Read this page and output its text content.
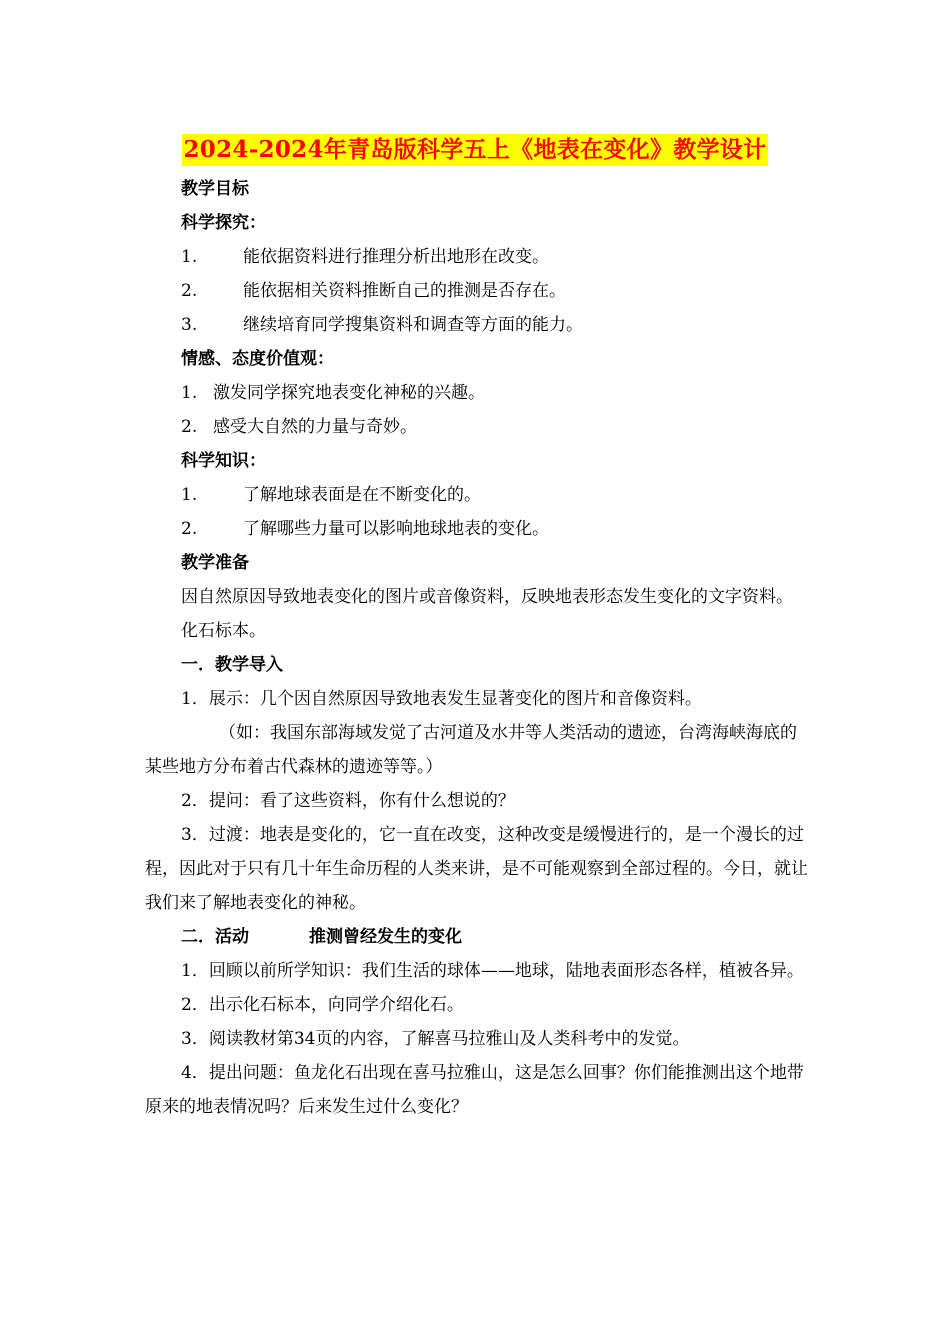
2024-2024年青岛版科学五上《地表在变化》教学设计

教学目标

科学探究：

1.	能依据资料进行推理分析出地形在改变。

2.	能依据相关资料推断自己的推测是否存在。

3.	继续培育同学搜集资料和调查等方面的能力。

情感、态度价值观：

1. 激发同学探究地表变化神秘的兴趣。

2. 感受大自然的力量与奇妙。

科学知识：

1.	了解地球表面是在不断变化的。

2.	了解哪些力量可以影响地球地表的变化。

教学准备

因自然原因导致地表变化的图片或音像资料，反映地表形态发生变化的文字资料。

化石标本。

一．教学导入

1．展示：几个因自然原因导致地表发生显著变化的图片和音像资料。

（如：我国东部海域发觉了古河道及水井等人类活动的遗迹，台湾海峡海底的某些地方分布着古代森林的遗迹等等。）

2．提问：看了这些资料，你有什么想说的？

3．过渡：地表是变化的，它一直在改变，这种改变是缓慢进行的，是一个漫长的过程，因此对于只有几十年生命历程的人类来讲，是不可能观察到全部过程的。今日，就让我们来了解地表变化的神秘。

二．活动	推测曾经发生的变化

1．回顾以前所学知识：我们生活的球体——地球，陆地表面形态各样，植被各异。

2．出示化石标本，向同学介绍化石。

3．阅读教材第34页的内容，了解喜马拉雅山及人类科考中的发觉。

4．提出问题：鱼龙化石出现在喜马拉雅山，这是怎么回事？你们能推测出这个地带原来的地表情况吗？后来发生过什么变化？
